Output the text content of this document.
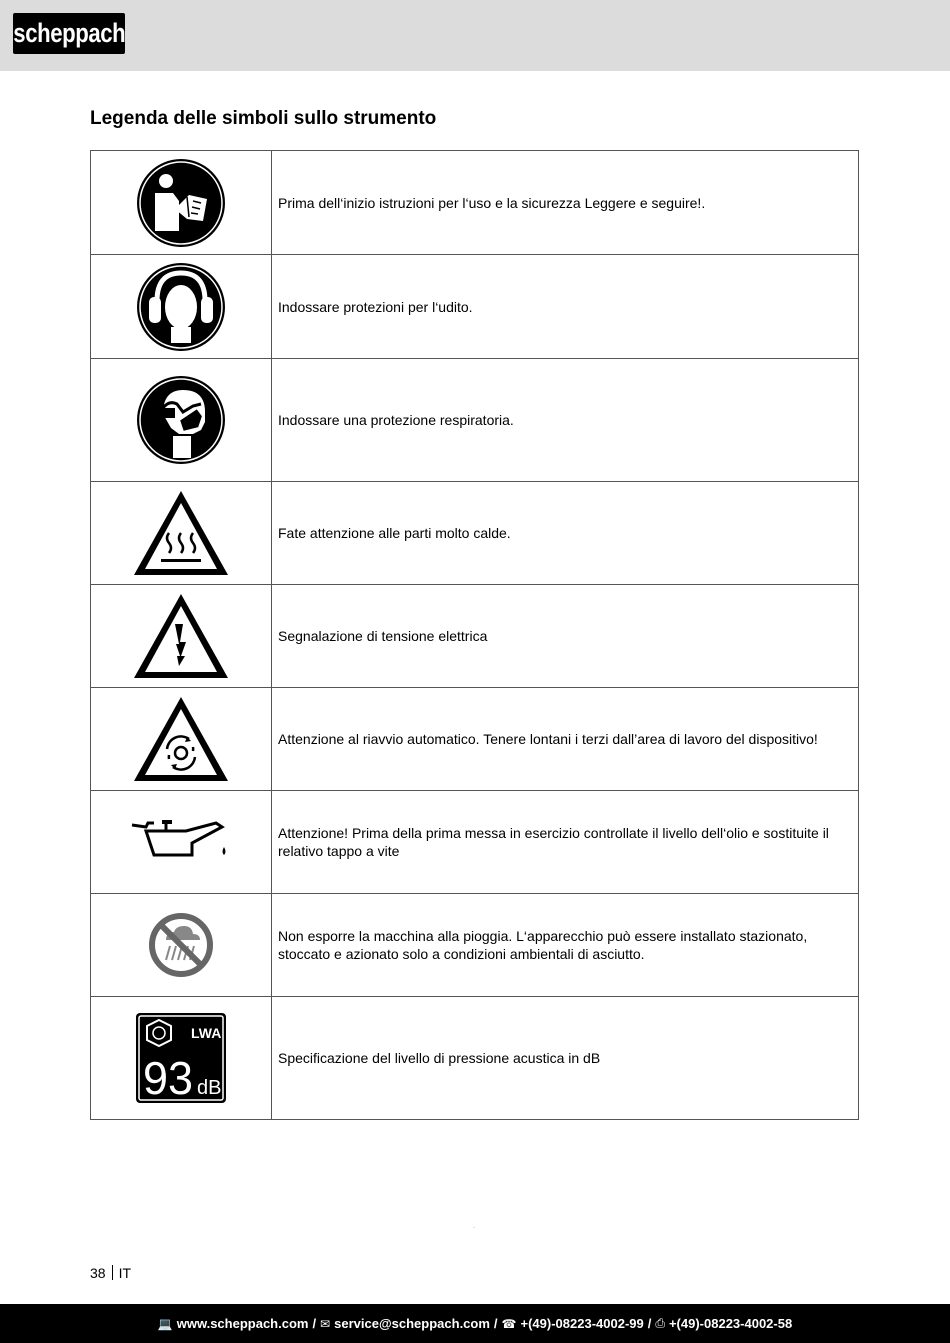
scheppach
Legenda delle simboli sullo strumento
	Prima dell‘inizio istruzioni per l‘uso e la sicurezza Leggere e seguire!.

	Indossare protezioni per l‘udito.

	Indossare una protezione respiratoria.

	Fate attenzione alle parti molto calde.

	Segnalazione di tensione elettrica

	Attenzione al riavvio automatico. Tenere lontani i terzi dall’area di lavoro del dispositivo!

	Attenzione! Prima della prima messa in esercizio controllate il livello dell‘olio e sostituite il relativo tappo a vite

	Non esporre la macchina alla pioggia. L‘apparecchio può essere installato stazionato, stoccato e azionato solo a condizioni ambientali di asciutto.

LWA
93 dB	Specificazione del livello di pressione acustica in dB
38 IT
💻 www.scheppach.com / ✉ service@scheppach.com / ☎ +(49)-08223-4002-99 / ⎙ +(49)-08223-4002-58
